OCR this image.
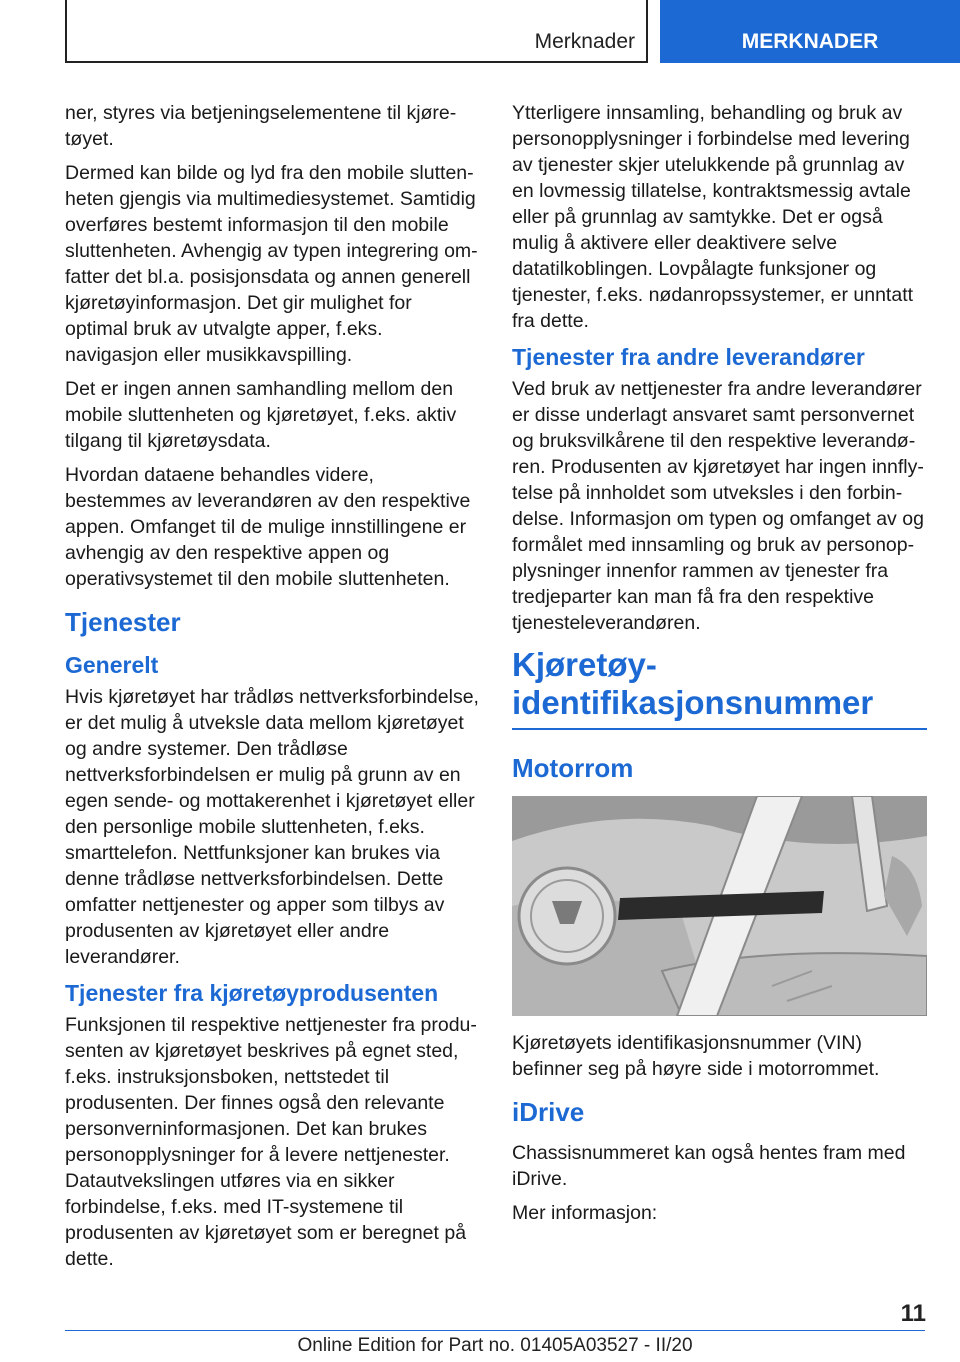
Merknader	MERKNADER

ner, styres via betjeningselementene til kjøretøyet.

Dermed kan bilde og lyd fra den mobile sluttenheten gjengis via multimediesystemet. Samtidig overføres bestemt informasjon til den mobile sluttenheten. Avhengig av typen integrering omfatter det bl.a. posisjonsdata og annen generell kjøretøyinformasjon. Det gir mulighet for optimal bruk av utvalgte apper, f.eks. navigasjon eller musikkavspilling.

Det er ingen annen samhandling mellom den mobile sluttenheten og kjøretøyet, f.eks. aktiv tilgang til kjøretøysdata.

Hvordan dataene behandles videre, bestemmes av leverandøren av den respektive appen. Omfanget til de mulige innstillingene er avhengig av den respektive appen og operativsystemet til den mobile sluttenheten.

Tjenester
Generelt

Hvis kjøretøyet har trådløs nettverksforbindelse, er det mulig å utveksle data mellom kjøretøyet og andre systemer. Den trådløse nettverksforbindelsen er mulig på grunn av en egen sende- og mottakerenhet i kjøretøyet eller den personlige mobile sluttenheten, f.eks. smarttelefon. Nettfunksjoner kan brukes via denne trådløse nettverksforbindelsen. Dette omfatter nettjenester og apper som tilbys av produsenten av kjøretøyet eller andre leverandører.

Tjenester fra kjøretøyprodusenten

Funksjonen til respektive nettjenester fra produsenten av kjøretøyet beskrives på egnet sted, f.eks. instruksjonsboken, nettstedet til produsenten. Der finnes også den relevante personverninformasjonen. Det kan brukes personopplysninger for å levere nettjenester. Datautvekslingen utføres via en sikker forbindelse, f.eks. med IT-systemene til produsenten av kjøretøyet som er beregnet på dette.

Ytterligere innsamling, behandling og bruk av personopplysninger i forbindelse med levering av tjenester skjer utelukkende på grunnlag av en lovmessig tillatelse, kontraktsmessig avtale eller på grunnlag av samtykke. Det er også mulig å aktivere eller deaktivere selve datatilkoblingen. Lovpålagte funksjoner og tjenester, f.eks. nødanropssystemer, er unntatt fra dette.

Tjenester fra andre leverandører

Ved bruk av nettjenester fra andre leverandører er disse underlagt ansvaret samt personvernet og bruksvilkårene til den respektive leverandøren. Produsenten av kjøretøyet har ingen innflytelse på innholdet som utveksles i den forbindelse. Informasjon om typen og omfanget av og formålet med innsamling og bruk av personopplysninger innenfor rammen av tjenester fra tredjeparter kan man få fra den respektive tjenesteleverandøren.

Kjøretøy-
identifikasjonsnummer
Motorrom

Kjøretøyets identifikasjonsnummer (VIN) befinner seg på høyre side i motorrommet.

iDrive

Chassisnummeret kan også hentes fram med iDrive.

Mer informasjon:

11
Online Edition for Part no. 01405A03527 - II/20
